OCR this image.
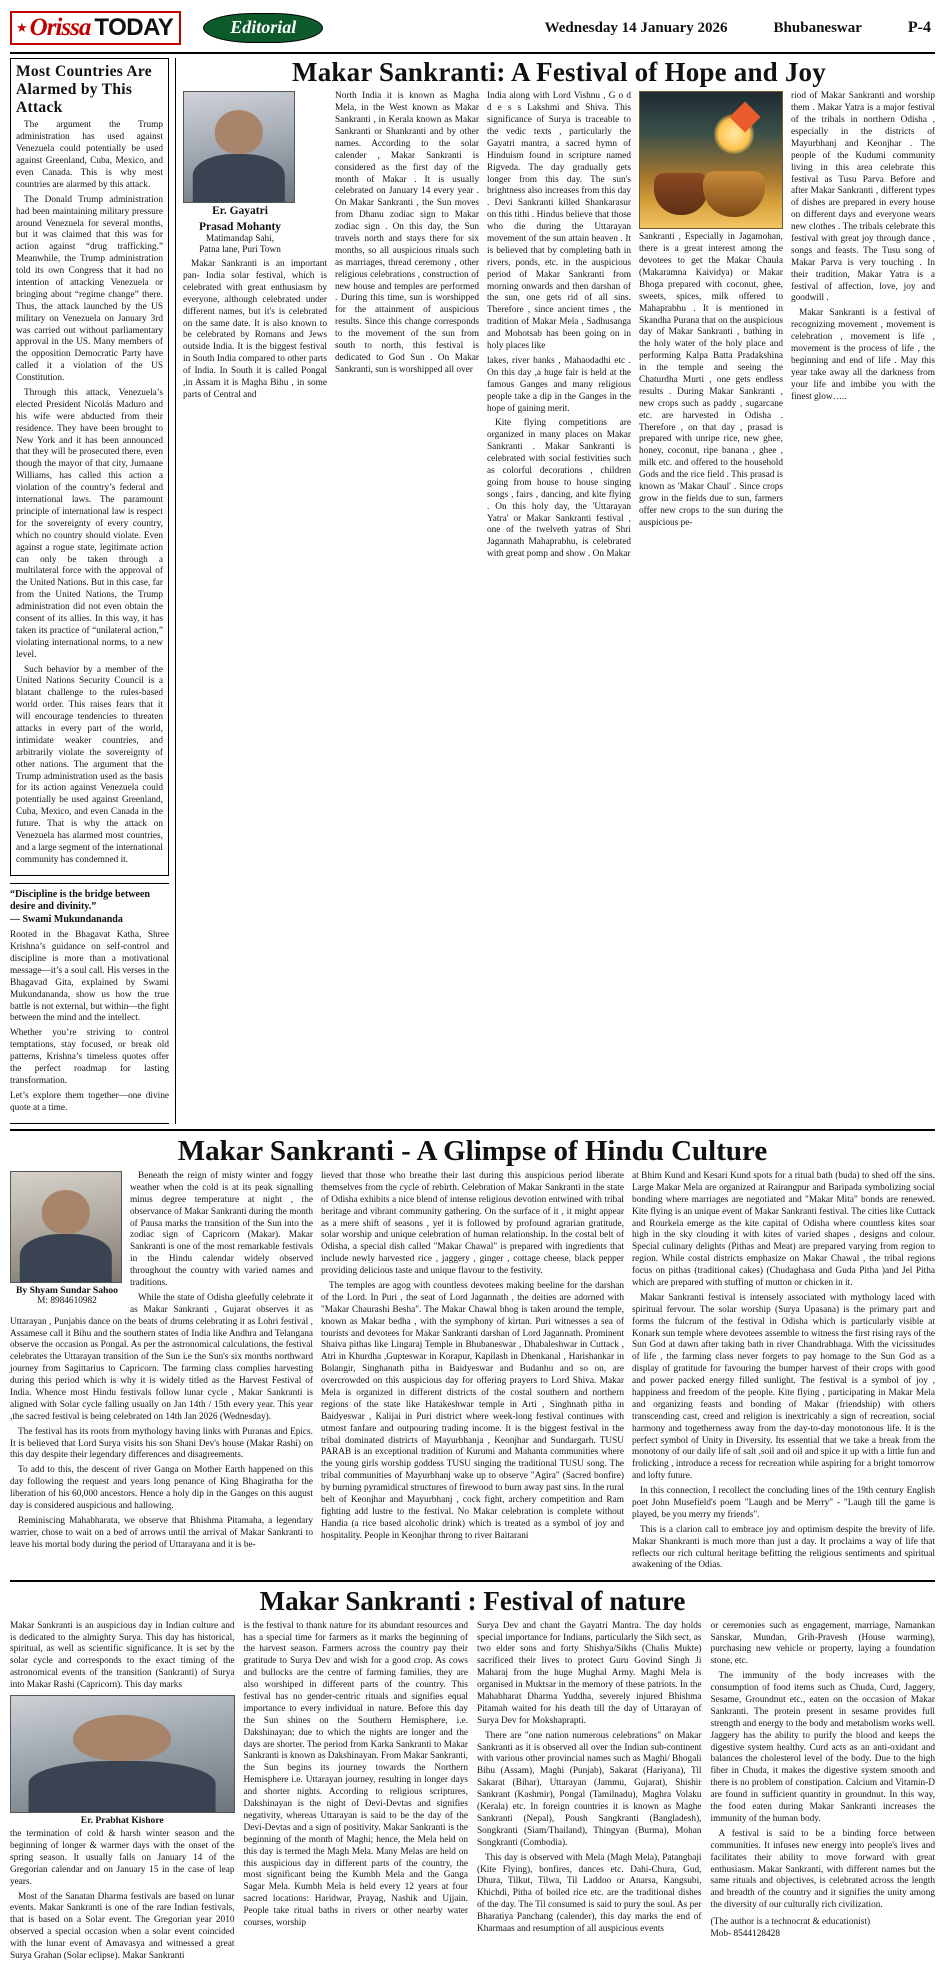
★ Orissa TODAY	Editorial	Wednesday 14 January 2026	Bhubaneswar	P-4
Most Countries Are
Alarmed by This Attack

The argument the Trump administration has used against Venezuela could potentially be used against Greenland, Cuba, Mexico, and even Canada. This is why most countries are alarmed by this attack.

The Donald Trump administration had been maintaining military pressure around Venezuela for several months, but it was claimed that this was for action against “drug trafficking.” Meanwhile, the Trump administration told its own Congress that it had no intention of attacking Venezuela or bringing about “regime change” there. Thus, the attack launched by the US military on Venezuela on January 3rd was carried out without parliamentary approval in the US. Many members of the opposition Democratic Party have called it a violation of the US Constitution.

Through this attack, Venezuela’s elected President Nicolás Maduro and his wife were abducted from their residence. They have been brought to New York and it has been announced that they will be prosecuted there, even though the mayor of that city, Jumaane Williams, has called this action a violation of the country’s federal and international laws. The paramount principle of international law is respect for the sovereignty of every country, which no country should violate. Even against a rogue state, legitimate action can only be taken through a multilateral force with the approval of the United Nations. But in this case, far from the United Nations, the Trump administration did not even obtain the consent of its allies. In this way, it has taken its practice of “unilateral action,” violating international norms, to a new level.

Such behavior by a member of the United Nations Security Council is a blatant challenge to the rules-based world order. This raises fears that it will encourage tendencies to threaten attacks in every part of the world, intimidate weaker countries, and arbitrarily violate the sovereignty of other nations. The argument that the Trump administration used as the basis for its action against Venezuela could potentially be used against Greenland, Cuba, Mexico, and even Canada in the future. That is why the attack on Venezuela has alarmed most countries, and a large segment of the international community has condemned it.

“Discipline is the bridge between desire and divinity.”
— Swami Mukundananda

Rooted in the Bhagavat Katha, Shree Krishna’s guidance on self-control and discipline is more than a motivational message—it’s a soul call. His verses in the Bhagavad Gita, explained by Swami Mukundananda, show us how the true battle is not external, but within—the fight between the mind and the intellect.

Whether you’re striving to control temptations, stay focused, or break old patterns, Krishna’s timeless quotes offer the perfect roadmap for lasting transformation.

Let’s explore them together—one divine quote at a time.

Makar Sankranti: A Festival of Hope and Joy
Er. Gayatri
Prasad Mohanty
Matimandap Sahi,
Patna lane, Puri Town

Makar Sankranti is an important pan- India solar festival, which is celebrated with great enthusiasm by everyone, although celebrated under different names, but it's is celebrated on the same date. It is also known to be celebrated by Romans and Jews outside India. It is the biggest festival in South India compared to other parts of India. In South it is called Pongal ,in Assam it is Magha Bihu , in some parts of Central and

North India it is known as Magha Mela, in the West known as Makar Sankranti , in Kerala known as Makar Sankranti or Shankranti and by other names. According to the solar calender , Makar Sankranti is considered as the first day of the month of Makar . It is usually celebrated on January 14 every year . On Makar Sankranti , the Sun moves from Dhanu zodiac sign to Makar zodiac sign . On this day, the Sun travels north and stays there for six months, so all auspicious rituals such as marriages, thread ceremony , other religious celebrations , construction of new house and temples are performed . During this time, sun is worshipped for the attainment of auspicious results. Since this change corresponds to the movement of the sun from south to north, this festival is dedicated to God Sun . On Makar Sankranti, sun is worshipped all over

India along with Lord Vishnu , G o d d e s s Lakshmi and Shiva. This significance of Surya is traceable to the vedic texts , particularly the Gayatri mantra, a sacred hymn of Hinduism found in scripture named Rigveda. The day gradually gets longer from this day. The sun's brightness also increases from this day . Devi Sankranti killed Shankarasur on this tithi . Hindus believe that those who die during the Uttarayan movement of the sun attain heaven . It is believed that by completing bath in rivers, ponds, etc. in the auspicious period of Makar Sankranti from morning onwards and then darshan of the sun, one gets rid of all sins. Therefore , since ancient times , the tradition of Makar Mela , Sadhusanga and Mohotsab has been going on in holy places like

lakes, river banks , Mahaodadhi etc . On this day ,a huge fair is held at the famous Ganges and many religious people take a dip in the Ganges in the hope of gaining merit.

Kite flying competitions are organized in many places on Makar Sankranti . Makar Sankranti is celebrated with social festivities such as colorful decorations , children going from house to house singing songs , fairs , dancing, and kite flying . On this holy day, the 'Uttarayan Yatra' or Makar Sankranti festival , one of the twelveth yatras of Shri Jagannath Mahaprabhu, is celebrated with great pomp and show . On Makar

Sankranti , Especially in Jagamohan, there is a great interest among the devotees to get the Makar Chaula (Makaramna Kaividya) or Makar Bhoga prepared with coconut, ghee, sweets, spices, milk offered to Mahaprabhu . It is mentioned in Skandha Purana that on the auspicious day of Makar Sankranti , bathing in the holy water of the holy place and performing Kalpa Batta Pradakshina in the temple and seeing the Chaturdha Murti , one gets endless results . During Makar Sankranti , new crops such as paddy , sugarcane etc. are harvested in Odisha . Therefore , on that day , prasad is prepared with unripe rice, new ghee, honey, coconut, ripe banana , ghee , milk etc. and offered to the household Gods and the rice field . This prasad is known as 'Makar Chaul' . Since crops grow in the fields due to sun, farmers offer new crops to the sun during the auspicious pe-

riod of Makar Sankranti and worship them . Makar Yatra is a major festival of the tribals in northern Odisha , especially in the districts of Mayurbhanj and Keonjhar . The people of the Kudumi community living in this area celebrate this festival as Tusu Parva Before and after Makar Sankranti , different types of dishes are prepared in every house on different days and everyone wears new clothes . The tribals celebrate this festival with great joy through dance , songs and feasts. The Tusu song of Makar Parva is very touching . In their tradition, Makar Yatra is a festival of affection, love, joy and goodwill .

Makar Sankranti is a festival of recognizing movement , movement is celebration , movement is life , movement is the process of life , the beginning and end of life . May this year take away all the darkness from your life and imbibe you with the finest glow…..

Makar Sankranti - A Glimpse of Hindu Culture
By Shyam Sundar Sahoo
M: 8984610982

Beneath the reign of misty winter and foggy weather when the cold is at its peak signalling minus degree temperature at night , the observance of Makar Sankranti during the month of Pausa marks the transition of the Sun into the zodiac sign of Capricorn (Makar). Makar Sankranti is one of the most remarkable festivals in the Hindu calendar widely observed throughout the country with varied names and traditions.

While the state of Odisha gleefully celebrate it as Makar Sankranti , Gujarat observes it as Uttarayan , Punjabis dance on the beats of drums celebrating it as Lohri festival , Assamese call it Bihu and the southern states of India like Andhra and Telangana observe the occasion as Pongal. As per the astronomical calculations, the festival celebrates the Uttarayan transition of the Sun i.e the Sun's six months northward journey from Sagittarius to Capricorn. The farming class complies harvesting during this period which is why it is widely titled as the Harvest Festival of India. Whence most Hindu festivals follow lunar cycle , Makar Sankranti is aligned with Solar cycle falling usually on Jan 14th / 15th every year. This year ,the sacred festival is being celebrated on 14th Jan 2026 (Wednesday).

The festival has its roots from mythology having links with Puranas and Epics. It is believed that Lord Surya visits his son Shani Dev's house (Makar Rashi) on this day despite their legendary differences and disagreements.

To add to this, the descent of river Ganga on Mother Earth happened on this day following the request and years long penance of King Bhagiratha for the liberation of his 60,000 ancestors. Hence a holy dip in the Ganges on this august day is considered auspicious and hallowing.

Reminiscing Mahabharata, we observe that Bhishma Pitamaha, a legendary warrier, chose to wait on a bed of arrows until the arrival of Makar Sankranti to leave his mortal body during the period of Uttarayana and it is be-

lieved that those who breathe their last during this auspicious period liberate themselves from the cycle of rebirth. Celebration of Makar Sankranti in the state of Odisha exhibits a nice blend of intense religious devotion entwined with tribal heritage and vibrant community gathering. On the surface of it , it might appear as a mere shift of seasons , yet it is followed by profound agrarian gratitude, solar worship and unique celebration of human relationship. In the costal belt of Odisha, a special dish called "Makar Chawal" is prepared with ingredients that include newly harvested rice , jaggery , ginger , cottage cheese, black pepper providing delicious taste and unique flavour to the festivity.

The temples are agog with countless devotees making beeline for the darshan of the Lord. In Puri , the seat of Lord Jagannath , the deities are adorned with "Makar Chaurashi Besha". The Makar Chawal bhog is taken around the temple, known as Makar bedha , with the symphony of kirtan. Puri witnesses a sea of tourists and devotees for Makar Sankranti darshan of Lord Jagannath. Prominent Shaiva pithas like Lingaraj Temple in Bhubaneswar , Dhabaleshwar in Cuttack , Atri in Khurdha ,Gupteswar in Korapur, Kapilash in Dhenkanal , Harishankar in Bolangir, Singhanath pitha in Baidyeswar and Budanhu and so on, are overcrowded on this auspicious day for offering prayers to Lord Shiva. Makar Mela is organized in different districts of the costal southern and northern regions of the state like Hatakeshwar temple in Arti , Singhnath pitha in Baidyeswar , Kalijai in Puri district where week-long festival continues with utmost fanfare and outpouring trading income. It is the biggest festival in the tribal dominated districts of Mayurbhanja , Keonjhar and Sundargarh. TUSU PARAB is an exceptional tradition of Kurumi and Mahanta communities where the young girls worship goddess TUSU singing the traditional TUSU song. The tribal communities of Mayurbhanj wake up to observe "Agira" (Sacred bonfire) by burning pyramidical structures of firewood to burn away past sins. In the rural belt of Keonjhar and Mayurbhanj , cock fight, archery competition and Ram fighting add lustre to the festival. No Makar celebration is complete without Handia (a rice based alcoholic drink) which is treated as a symbol of joy and hospitality. People in Keonjhar throng to river Baitarani

at Bhim Kund and Kesari Kund spots for a ritual bath (buda) to shed off the sins. Large Makar Mela are organized at Rairangpur and Baripada symbolizing social bonding where marriages are negotiated and "Makar Mita" bonds are renewed. Kite flying is an unique event of Makar Sankranti festival. The cities like Cuttack and Rourkela emerge as the kite capital of Odisha where countless kites soar high in the sky clouding it with kites of varied shapes , designs and colour. Special culinary delights (Pithas and Meat) are prepared varying from region to region. While costal districts emphasize on Makar Chawal , the tribal regions focus on pithas (traditional cakes) (Chudaghasa and Guda Pitha )and Jel Pitha which are prepared with stuffing of mutton or chicken in it.

Makar Sankranti festival is intensely associated with mythology laced with spiritual fervour. The solar worship (Surya Upasana) is the primary part and forms the fulcrum of the festival in Odisha which is particularly visible at Konark sun temple where devotees assemble to witness the first rising rays of the Sun God at dawn after taking bath in river Chandrabhaga. With the vicissitudes of life , the farming class never forgets to pay homage to the Sun God as a display of gratitude for favouring the bumper harvest of their crops with good and power packed energy filled sunlight. The festival is a symbol of joy , happiness and freedom of the people. Kite flying , participating in Makar Mela and organizing feasts and bonding of Makar (friendship) with others transcending cast, creed and religion is inextricably a sign of recreation, social harmony and togetherness away from the day-to-day monotonous life. It is the perfect symbol of Unity in Diversity. Its essential that we take a break from the monotony of our daily life of salt ,soil and oil and spice it up with a little fun and frolicking , introduce a recess for recreation while aspiring for a bright tomorrow and lofty future.

In this connection, I recollect the concluding lines of the 19th century English poet John Musefield's poem "Laugh and be Merry" - "Laugh till the game is played, be you merry my friends".

This is a clarion call to embrace joy and optimism despite the brevity of life. Makar Shankranti is much more than just a day. It proclaims a way of life that reflects our rich cultural heritage befitting the religious sentiments and spiritual awakening of the Odias.

Makar Sankranti : Festival of nature

Makar Sankranti is an auspicious day in Indian culture and is dedicated to the almighty Surya. This day has historical, spiritual, as well as scientific significance. It is set by the solar cycle and corresponds to the exact timing of the astronomical events of the transition (Sankranti) of Surya into Makar Rashi (Capricorn). This day marks

Er. Prabhat Kishore

the termination of cold & harsh winter season and the beginning of longer & warmer days with the onset of the spring season. It usually falls on January 14 of the Gregorian calendar and on January 15 in the case of leap years.

Most of the Sanatan Dharma festivals are based on lunar events. Makar Sankranti is one of the rare Indian festivals, that is based on a Solar event. The Gregorian year 2010 observed a special occasion when a solar event coincided with the lunar event of Amavasya and witnessed a great Surya Grahan (Solar eclipse). Makar Sankranti

is the festival to thank nature for its abundant resources and has a special time for farmers as it marks the beginning of the harvest season. Farmers across the country pay their gratitude to Surya Dev and wish for a good crop. As cows and bullocks are the centre of farming families, they are also worshiped in different parts of the country. This festival has no gender-centric rituals and signifies equal importance to every individual in nature. Before this day the Sun shines on the Southern Hemisphere, i.e. Dakshinayan; due to which the nights are longer and the days are shorter. The period from Karka Sankranti to Makar Sankranti is known as Dakshinayan. From Makar Sankranti, the Sun begins its journey towards the Northern Hemisphere i.e. Uttarayan journey, resulting in longer days and shorter nights. According to religious scriptures, Dakshinayan is the night of Devi-Devtas and signifies negativity, whereas Uttarayan is said to be the day of the Devi-Devtas and a sign of positivity. Makar Sankranti is the beginning of the month of Maghi; hence, the Mela held on this day is termed the Magh Mela. Many Melas are held on this auspicious day in different parts of the country, the most significant being the Kumbh Mela and the Ganga Sagar Mela. Kumbh Mela is held every 12 years at four sacred locations: Haridwar, Prayag, Nashik and Ujjain. People take ritual baths in rivers or other nearby water courses, worship

Surya Dev and chant the Gayatri Mantra. The day holds special importance for Indians, particularly the Sikh sect, as two elder sons and forty Shishya/Sikhs (Chalis Mukte) sacrificed their lives to protect Guru Govind Singh Ji Maharaj from the huge Mughal Army. Maghi Mela is organised in Muktsar in the memory of these patriots. In the Mahabharat Dharma Yuddha, severely injured Bhishma Pitamah waited for his death till the day of Uttarayan of Surya Dev for Mokshaprapti.

There are "one nation numerous celebrations" on Makar Sankranti as it is observed all over the Indian sub-continent with various other provincial names such as Maghi/ Bhogali Bihu (Assam), Maghi (Punjab), Sakarat (Hariyana), Til Sakarat (Bihar), Uttarayan (Jammu, Gujarat), Shishir Sankrant (Kashmir), Pongal (Tamilnadu), Maghra Volaku (Kerala) etc. In foreign countries it is known as Maghe Sankranti (Nepal), Poush Sangkranti (Bangladesh), Songkranti (Siam/Thailand), Thingyan (Burma), Mohan Songkranti (Combodia).

This day is observed with Mela (Magh Mela), Patangbaji (Kite Flying), bonfires, dances etc. Dahi-Chura, Gud, Dhura, Tilkut, Tilwa, Til Laddoo or Anarsa, Kangsubi, Khichdi, Pitha of boiled rice etc. are the traditional dishes of the day. The Til consumed is said to pury the soul. As per Bharatiya Panchang (calender), this day marks the end of Kharmaas and resumption of all auspicious events

or ceremonies such as engagement, marriage, Namankan Sanskar, Mundan, Grih-Pravesh (House warming), purchasing new vehicle or property, laying a foundation stone, etc.

The immunity of the body increases with the consumption of food items such as Chuda, Curd, Jaggery, Sesame, Groundnut etc., eaten on the occasion of Makar Sankranti. The protein present in sesame provides full strength and energy to the body and metabolism works well. Jaggery has the ability to purify the blood and keeps the digestive system healthy. Curd acts as an anti-oxidant and balances the cholesterol level of the body. Due to the high fiber in Chuda, it makes the digestive system smooth and there is no problem of constipation. Calcium and Vitamin-D are found in sufficient quantity in groundnut. In this way, the food eaten during Makar Sankranti increases the immunity of the human body.

A festival is said to be a binding force between communities. It infuses new energy into people's lives and facilitates their ability to move forward with great enthusiasm. Makar Sankranti, with different names but the same rituals and objectives, is celebrated across the length and breadth of the country and it signifies the unity among the diversity of our culturally rich civilization.

(The author is a technocrat & educationist)
Mob- 8544128428
